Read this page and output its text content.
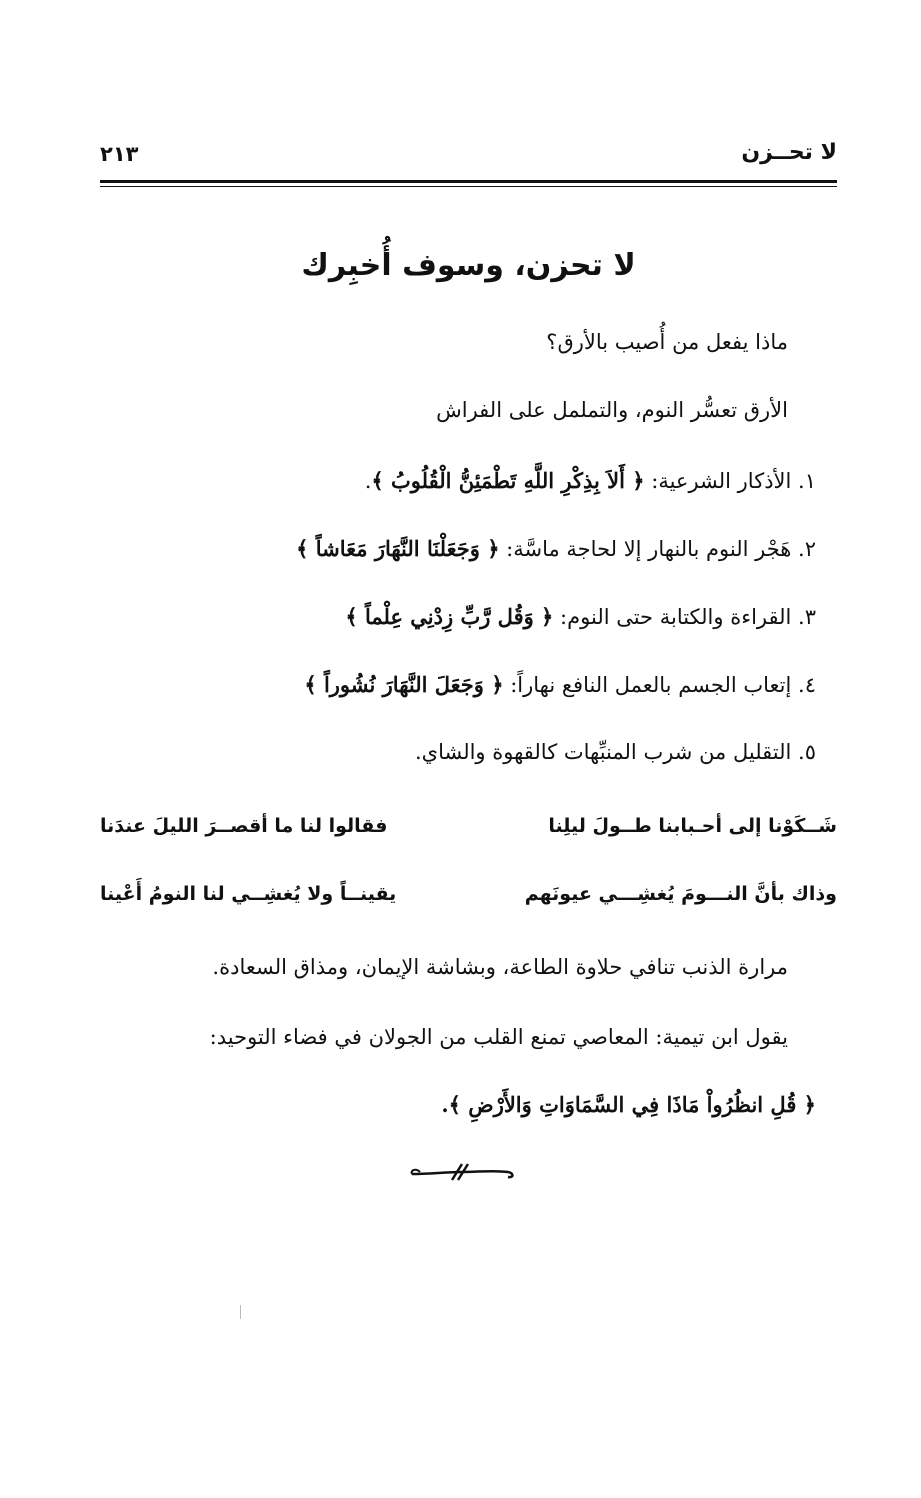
لا تحــزن
٢١٣
لا تحزن، وسوف أُخبِرك
ماذا يفعل من أُصيب بالأرق؟
الأرق تعسُّر النوم، والتململ على الفراش
١. الأذكار الشرعية: ﴿ أَلاَ بِذِكْرِ اللَّهِ تَطْمَئِنُّ الْقُلُوبُ ﴾.
٢. هَجْر النوم بالنهار إلا لحاجة ماسَّة: ﴿ وَجَعَلْنَا النَّهَارَ مَعَاشاً ﴾
٣. القراءة والكتابة حتى النوم: ﴿ وَقُل رَّبِّ زِدْنِي عِلْماً ﴾
٤. إتعاب الجسم بالعمل النافع نهاراً: ﴿ وَجَعَلَ النَّهَارَ نُشُوراً ﴾
٥. التقليل من شرب المنبِّهات كالقهوة والشاي.
شَــكَوْنا إلى أحـبابنا طــولَ ليلِنا
فقالوا لنا ما أقصــرَ الليلَ عندَنا
وذاك بأنَّ النـــومَ يُغشِـــي عيونَهم
يقينــاً ولا يُغشِــي لنا النومُ أَعْينا
مرارة الذنب تنافي حلاوة الطاعة، وبشاشة الإيمان، ومذاق السعادة.
يقول ابن تيمية: المعاصي تمنع القلب من الجولان في فضاء التوحيد:
﴿ قُلِ انظُرُواْ مَاذَا فِي السَّمَاوَاتِ وَالأَرْضِ ﴾.
